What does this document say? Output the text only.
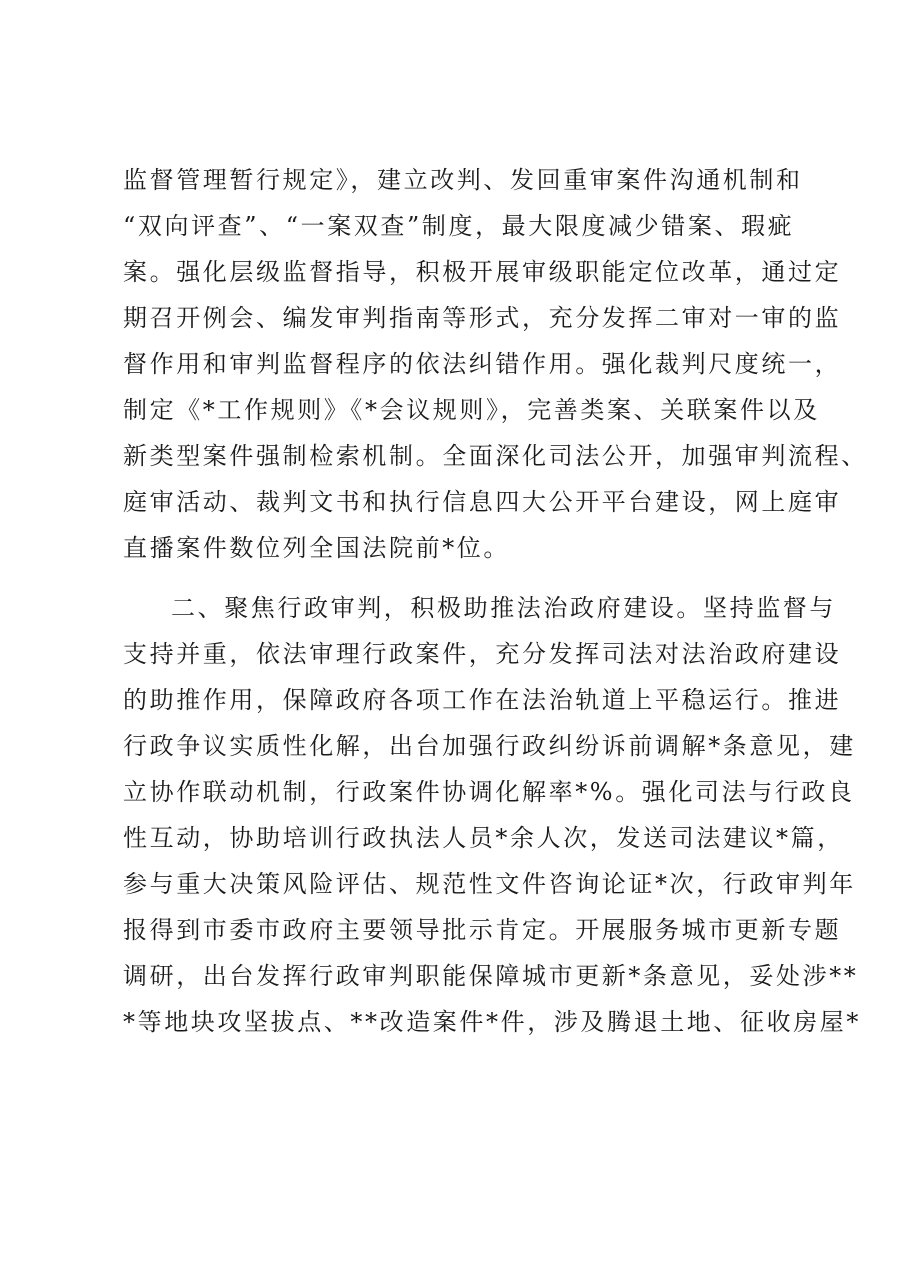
监督管理暂行规定》，建立改判、发回重审案件沟通机制和
“双向评查”、“一案双查”制度，最大限度减少错案、瑕疵
案。强化层级监督指导，积极开展审级职能定位改革，通过定
期召开例会、编发审判指南等形式，充分发挥二审对一审的监
督作用和审判监督程序的依法纠错作用。强化裁判尺度统一，
制定《*工作规则》《*会议规则》，完善类案、关联案件以及
新类型案件强制检索机制。全面深化司法公开，加强审判流程、
庭审活动、裁判文书和执行信息四大公开平台建设，网上庭审
直播案件数位列全国法院前*位。
二、聚焦行政审判，积极助推法治政府建设。坚持监督与
支持并重，依法审理行政案件，充分发挥司法对法治政府建设
的助推作用，保障政府各项工作在法治轨道上平稳运行。推进
行政争议实质性化解，出台加强行政纠纷诉前调解*条意见，建
立协作联动机制，行政案件协调化解率*%。强化司法与行政良
性互动，协助培训行政执法人员*余人次，发送司法建议*篇，
参与重大决策风险评估、规范性文件咨询论证*次，行政审判年
报得到市委市政府主要领导批示肯定。开展服务城市更新专题
调研，出台发挥行政审判职能保障城市更新*条意见，妥处涉**
*等地块攻坚拔点、**改造案件*件，涉及腾退土地、征收房屋*
